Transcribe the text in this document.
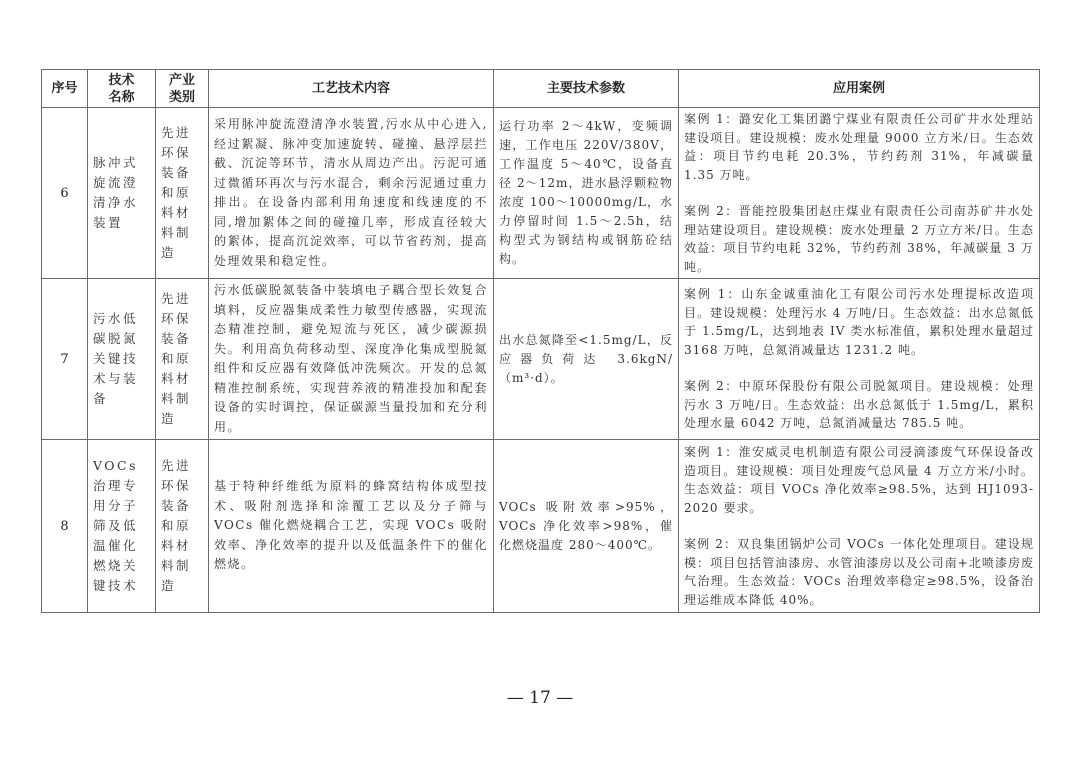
序号	技术名称	产业类别	工艺技术内容	主要技术参数	应用案例
6	脉冲式旋流澄清净水装置	先进环保装备和原料材料制造	采用脉冲旋流澄清净水装置,污水从中心进入,经过絮凝、脉冲变加速旋转、碰撞、悬浮层拦截、沉淀等环节，清水从周边产出。污泥可通过微循环再次与污水混合，剩余污泥通过重力排出。在设备内部利用角速度和线速度的不同,增加絮体之间的碰撞几率，形成直径较大的絮体，提高沉淀效率，可以节省药剂，提高处理效果和稳定性。	运行功率 2～4kW，变频调速，工作电压 220V/380V，工作温度 5～40℃，设备直径 2～12m，进水悬浮颗粒物浓度 100～10000mg/L，水力停留时间 1.5～2.5h，结构型式为钢结构或钢筋砼结构。	案例 1：潞安化工集团潞宁煤业有限责任公司矿井水处理站建设项目。建设规模：废水处理量 9000 立方米/日。生态效益：项目节约电耗 20.3%，节约药剂 31%，年减碳量 1.35 万吨。
案例 2：晋能控股集团赵庄煤业有限责任公司南苏矿井水处理站建设项目。建设规模：废水处理量 2 万立方米/日。生态效益：项目节约电耗 32%，节约药剂 38%，年减碳量 3 万吨。

7	污水低碳脱氮关键技术与装备	先进环保装备和原料材料制造	污水低碳脱氮装备中装填电子耦合型长效复合填料，反应器集成柔性力敏型传感器，实现流态精准控制，避免短流与死区，减少碳源损失。利用高负荷移动型、深度净化集成型脱氮组件和反应器有效降低冲洗频次。开发的总氮精准控制系统，实现营养液的精准投加和配套设备的实时调控，保证碳源当量投加和充分利用。	出水总氮降至<1.5mg/L，反应器负荷达 3.6kgN/（m³·d）。	案例 1：山东金诚重油化工有限公司污水处理提标改造项目。建设规模：处理污水 4 万吨/日。生态效益：出水总氮低于 1.5mg/L，达到地表 IV 类水标准值，累积处理水量超过 3168 万吨，总氮消减量达 1231.2 吨。
案例 2：中原环保股份有限公司脱氮项目。建设规模：处理污水 3 万吨/日。生态效益：出水总氮低于 1.5mg/L，累积处理水量 6042 万吨，总氮消减量达 785.5 吨。

8	VOCs 治理专用分子筛及低温催化燃烧关键技术	先进环保装备和原料材料制造	基于特种纤维纸为原料的蜂窝结构体成型技术、吸附剂选择和涂覆工艺以及分子筛与 VOCs 催化燃烧耦合工艺，实现 VOCs 吸附效率、净化效率的提升以及低温条件下的催化燃烧。	VOCs 吸附效率>95%，VOCs 净化效率>98%，催化燃烧温度 280～400℃。	案例 1：淮安威灵电机制造有限公司浸滴漆废气环保设备改造项目。建设规模：项目处理废气总风量 4 万立方米/小时。生态效益：项目 VOCs 净化效率≥98.5%，达到 HJ1093-2020 要求。
案例 2：双良集团锅炉公司 VOCs 一体化处理项目。建设规模：项目包括管油漆房、水管油漆房以及公司南+北喷漆房废气治理。生态效益：VOCs 治理效率稳定≥98.5%，设备治理运维成本降低 40%。
— 17 —
